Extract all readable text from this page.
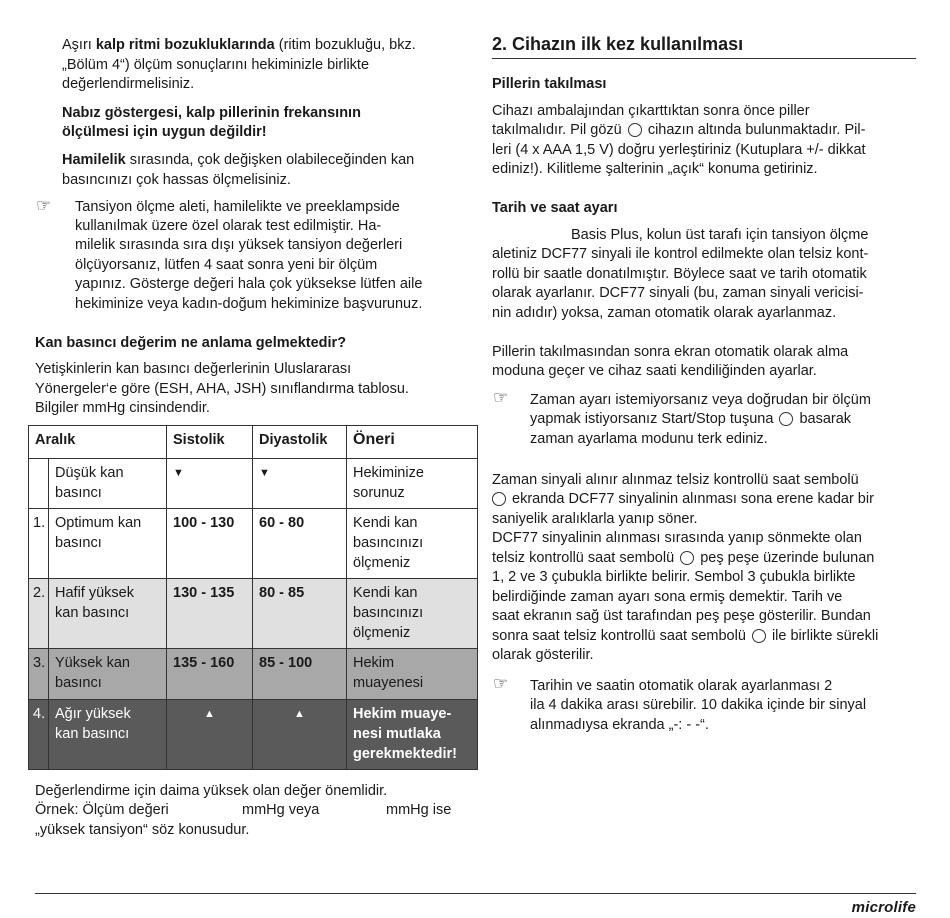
Aşırı kalp ritmi bozukluklarında (ritim bozukluğu, bkz.

„Bölüm 4“) ölçüm sonuçlarını hekiminizle birlikte

değerlendirmelisiniz.

Nabız göstergesi, kalp pillerinin frekansının

ölçülmesi için uygun değildir!

Hamilelik sırasında, çok değişken olabileceğinden kan

basıncınızı çok hassas ölçmelisiniz.

☞ Tansiyon ölçme aleti, hamilelikte ve preeklampside

kullanılmak üzere özel olarak test edilmiştir. Ha-

milelik sırasında sıra dışı yüksek tansiyon değerleri

ölçüyorsanız, lütfen 4 saat sonra yeni bir ölçüm

yapınız. Gösterge değeri hala çok yüksekse lütfen aile

hekiminize veya kadın-doğum hekiminize başvurunuz.

Kan basıncı değerim ne anlama gelmektedir?

Yetişkinlerin kan basıncı değerlerinin Uluslararası

Yönergeler‘e göre (ESH, AHA, JSH) sınıflandırma tablosu.

Bilgiler mmHg cinsindendir.

Aralık		Sistolik	Diyastolik	Öneri
	Düşük kan
basıncı	▼	▼	Hekiminize
sorunuz
1.	Optimum kan
basıncı	100 - 130	60 - 80	Kendi kan
basıncınızı
ölçmeniz
2.	Hafif yüksek
kan basıncı	130 - 135	80 - 85	Kendi kan
basıncınızı
ölçmeniz
3.	Yüksek kan
basıncı	135 - 160	85 - 100	Hekim
muayenesi
4.	Ağır yüksek
kan basıncı	▲	▲	Hekim muaye-
nesi mutlaka
gerekmektedir!

Değerlendirme için daima yüksek olan değer önemlidir.

Örnek: Ölçüm değeri	mmHg veya	mmHg ise

„yüksek tansiyon“ söz konusudur.

2. Cihazın ilk kez kullanılması

Pillerin takılması

Cihazı ambalajından çıkarttıktan sonra önce piller

takılmalıdır. Pil gözü cihazın altında bulunmaktadır. Pil-

leri (4 x AAA 1,5 V) doğru yerleştiriniz (Kutuplara +/- dikkat

ediniz!). Kilitleme şalterinin „açık“ konuma getiriniz.

Tarih ve saat ayarı

Basis Plus, kolun üst tarafı için tansiyon ölçme

aletiniz DCF77 sinyali ile kontrol edilmekte olan telsiz kont-

rollü bir saatle donatılmıştır. Böylece saat ve tarih otomatik

olarak ayarlanır. DCF77 sinyali (bu, zaman sinyali vericisi-

nin adıdır) yoksa, zaman otomatik olarak ayarlanmaz.

Pillerin takılmasından sonra ekran otomatik olarak alma

moduna geçer ve cihaz saati kendiliğinden ayarlar.

☞ Zaman ayarı istemiyorsanız veya doğrudan bir ölçüm

yapmak istiyorsanız Start/Stop tuşuna basarak

zaman ayarlama modunu terk ediniz.

Zaman sinyali alınır alınmaz telsiz kontrollü saat sembolü

ekranda DCF77 sinyalinin alınması sona erene kadar bir

saniyelik aralıklarla yanıp söner.

DCF77 sinyalinin alınması sırasında yanıp sönmekte olan

telsiz kontrollü saat sembolü peş peşe üzerinde bulunan

1, 2 ve 3 çubukla birlikte belirir. Sembol 3 çubukla birlikte

belirdiğinde zaman ayarı sona ermiş demektir. Tarih ve

saat ekranın sağ üst tarafından peş peşe gösterilir. Bundan

sonra saat telsiz kontrollü saat sembolü ile birlikte sürekli

olarak gösterilir.

☞ Tarihin ve saatin otomatik olarak ayarlanması 2

ila 4 dakika arası sürebilir. 10 dakika içinde bir sinyal

alınmadıysa ekranda „-: - -“.

microlife
